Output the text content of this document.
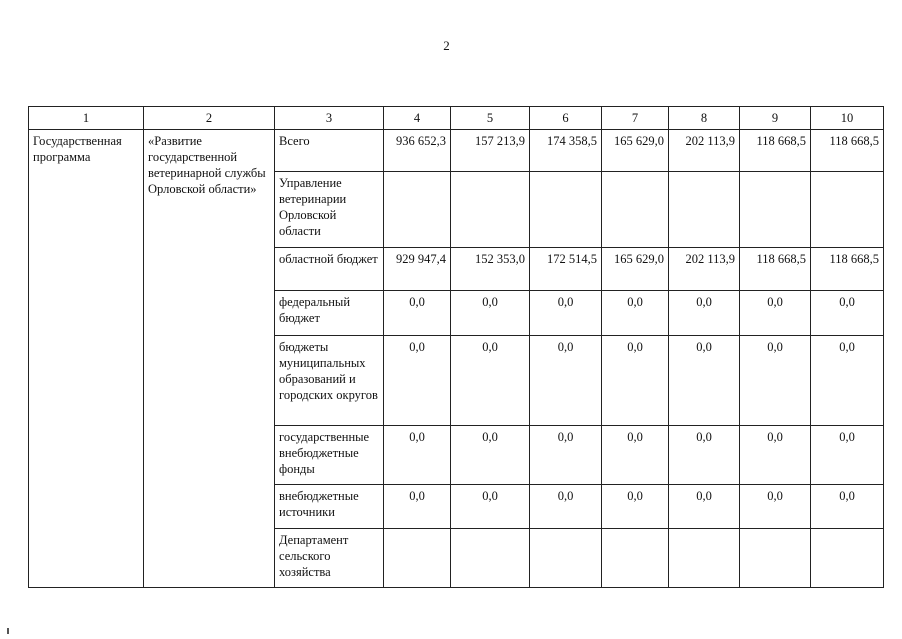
2
1	2	3	4	5	6	7	8	9	10
Государственная программа	«Развитие государственной ветеринарной службы Орловской области»	Всего	936 652,3	157 213,9	174 358,5	165 629,0	202 113,9	118 668,5	118 668,5
		Управление ветеринарии Орловской области							
		областной бюджет	929 947,4	152 353,0	172 514,5	165 629,0	202 113,9	118 668,5	118 668,5
		федеральный бюджет	0,0	0,0	0,0	0,0	0,0	0,0	0,0
		бюджеты муниципальных образований и городских округов	0,0	0,0	0,0	0,0	0,0	0,0	0,0
		государственные внебюджетные фонды	0,0	0,0	0,0	0,0	0,0	0,0	0,0
		внебюджетные источники	0,0	0,0	0,0	0,0	0,0	0,0	0,0
		Департамент сельского хозяйства							
